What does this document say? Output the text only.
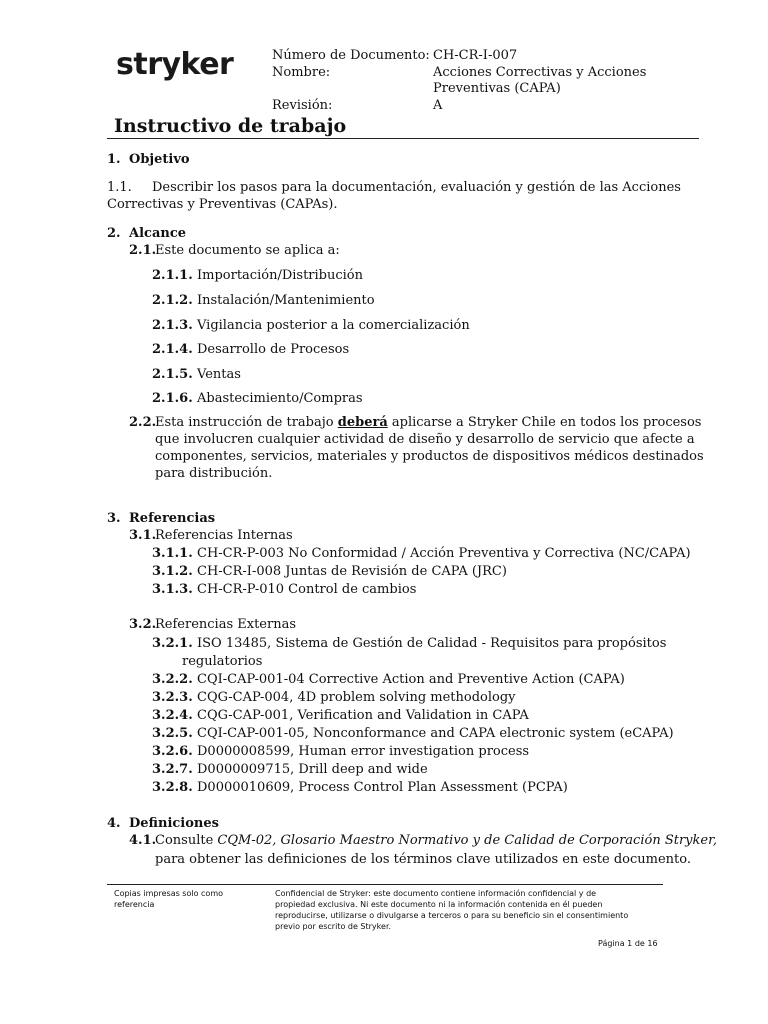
stryker	Número de Documento: CH-CR-I-007
Nombre:	Acciones Correctivas y Acciones
Preventivas (CAPA)
Revisión:	A
Instructivo de trabajo
1. Objetivo
1.1. Describir los pasos para la documentación, evaluación y gestión de las Acciones
Correctivas y Preventivas (CAPAs).
2. Alcance
2.1.Este documento se aplica a:
2.1.1. Importación/Distribución
2.1.2. Instalación/Mantenimiento
2.1.3. Vigilancia posterior a la comercialización
2.1.4. Desarrollo de Procesos
2.1.5. Ventas
2.1.6. Abastecimiento/Compras
2.2.Esta instrucción de trabajo deberá aplicarse a Stryker Chile en todos los procesos
que involucren cualquier actividad de diseño y desarrollo de servicio que afecte a
componentes, servicios, materiales y productos de dispositivos médicos destinados
para distribución.
3. Referencias
3.1.Referencias Internas
3.1.1. CH-CR-P-003 No Conformidad / Acción Preventiva y Correctiva (NC/CAPA)
3.1.2. CH-CR-I-008 Juntas de Revisión de CAPA (JRC)
3.1.3. CH-CR-P-010 Control de cambios
3.2.Referencias Externas
3.2.1. ISO 13485, Sistema de Gestión de Calidad - Requisitos para propósitos
regulatorios
3.2.2. CQI-CAP-001-04 Corrective Action and Preventive Action (CAPA)
3.2.3. CQG-CAP-004, 4D problem solving methodology
3.2.4. CQG-CAP-001, Verification and Validation in CAPA
3.2.5. CQI-CAP-001-05, Nonconformance and CAPA electronic system (eCAPA)
3.2.6. D0000008599, Human error investigation process
3.2.7. D0000009715, Drill deep and wide
3.2.8. D0000010609, Process Control Plan Assessment (PCPA)
4. Definiciones
4.1.Consulte CQM-02, Glosario Maestro Normativo y de Calidad de Corporación Stryker,
para obtener las definiciones de los términos clave utilizados en este documento.
Copias impresas solo como
referencia
Confidencial de Stryker: este documento contiene información confidencial y de
propiedad exclusiva. Ni este documento ni la información contenida en él pueden
reproducirse, utilizarse o divulgarse a terceros o para su beneficio sin el consentimiento
previo por escrito de Stryker.
Página 1 de 16
